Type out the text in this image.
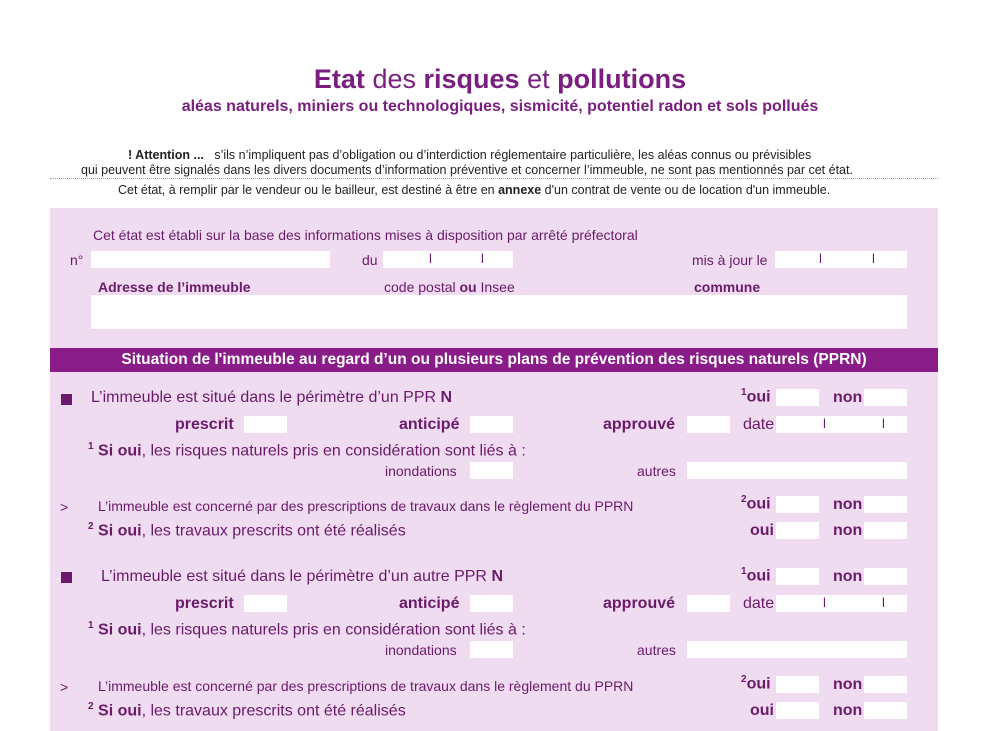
Etat des risques et pollutions
aléas naturels, miniers ou technologiques, sismicité, potentiel radon et sols pollués
! Attention ... s’ils n’impliquent pas d’obligation ou d’interdiction réglementaire particulière, les aléas connus ou prévisibles
qui peuvent être signalés dans les divers documents d’information préventive et concerner l’immeuble, ne sont pas mentionnés par cet état.
Cet état, à remplir par le vendeur ou le bailleur, est destiné à être en annexe d'un contrat de vente ou de location d'un immeuble.
Cet état est établi sur la base des informations mises à disposition par arrêté préfectoral
n°	du	l	l	mis à jour le	l	l
Adresse de l’immeuble	code postal ou Insee	commune
Situation de l'immeuble au regard d’un ou plusieurs plans de prévention des risques naturels (PPRN)
L’immeuble est situé dans le périmètre d’un PPR N	$^1$oui	non
prescrit	anticipé	approuvé	date	l	l
$^1$ Si oui, les risques naturels pris en considération sont liés à :
inondations	autres
> L’immeuble est concerné par des prescriptions de travaux dans le règlement du PPRN	$^2$oui	non
$^2$ Si oui, les travaux prescrits ont été réalisés	oui	non
L’immeuble est situé dans le périmètre d’un autre PPR N	$^1$oui	non
prescrit	anticipé	approuvé	date	l	l
$^1$ Si oui, les risques naturels pris en considération sont liés à :
inondations	autres
> L’immeuble est concerné par des prescriptions de travaux dans le règlement du PPRN	$^2$oui	non
$^2$ Si oui, les travaux prescrits ont été réalisés	oui	non
